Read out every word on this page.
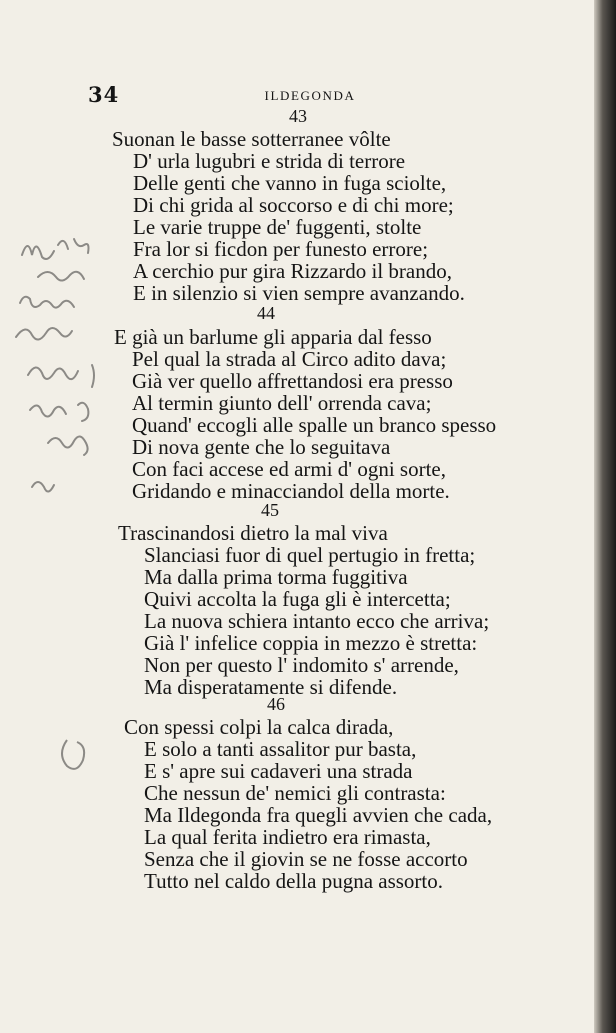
34	ILDEGONDA
43
Suonan le basse sotterranee vôlte
D' urla lugubri e strida di terrore
Delle genti che vanno in fuga sciolte,
Di chi grida al soccorso e di chi more;
Le varie truppe de' fuggenti, stolte
Fra lor si ficdon per funesto errore;
A cerchio pur gira Rizzardo il brando,
E in silenzio si vien sempre avanzando.
44
E già un barlume gli apparia dal fesso
Pel qual la strada al Circo adito dava;
Già ver quello affrettandosi era presso
Al termin giunto dell' orrenda cava;
Quand' eccogli alle spalle un branco spesso
Di nova gente che lo seguitava
Con faci accese ed armi d' ogni sorte,
Gridando e minacciandol della morte.
45
Trascinandosi dietro la mal viva
Slanciasi fuor di quel pertugio in fretta;
Ma dalla prima torma fuggitiva
Quivi accolta la fuga gli è intercetta;
La nuova schiera intanto ecco che arriva;
Già l' infelice coppia in mezzo è stretta:
Non per questo l' indomito s' arrende,
Ma disperatamente si difende.
46
Con spessi colpi la calca dirada,
E solo a tanti assalitor pur basta,
E s' apre sui cadaveri una strada
Che nessun de' nemici gli contrasta:
Ma Ildegonda fra quegli avvien che cada,
La qual ferita indietro era rimasta,
Senza che il giovin se ne fosse accorto
Tutto nel caldo della pugna assorto.
